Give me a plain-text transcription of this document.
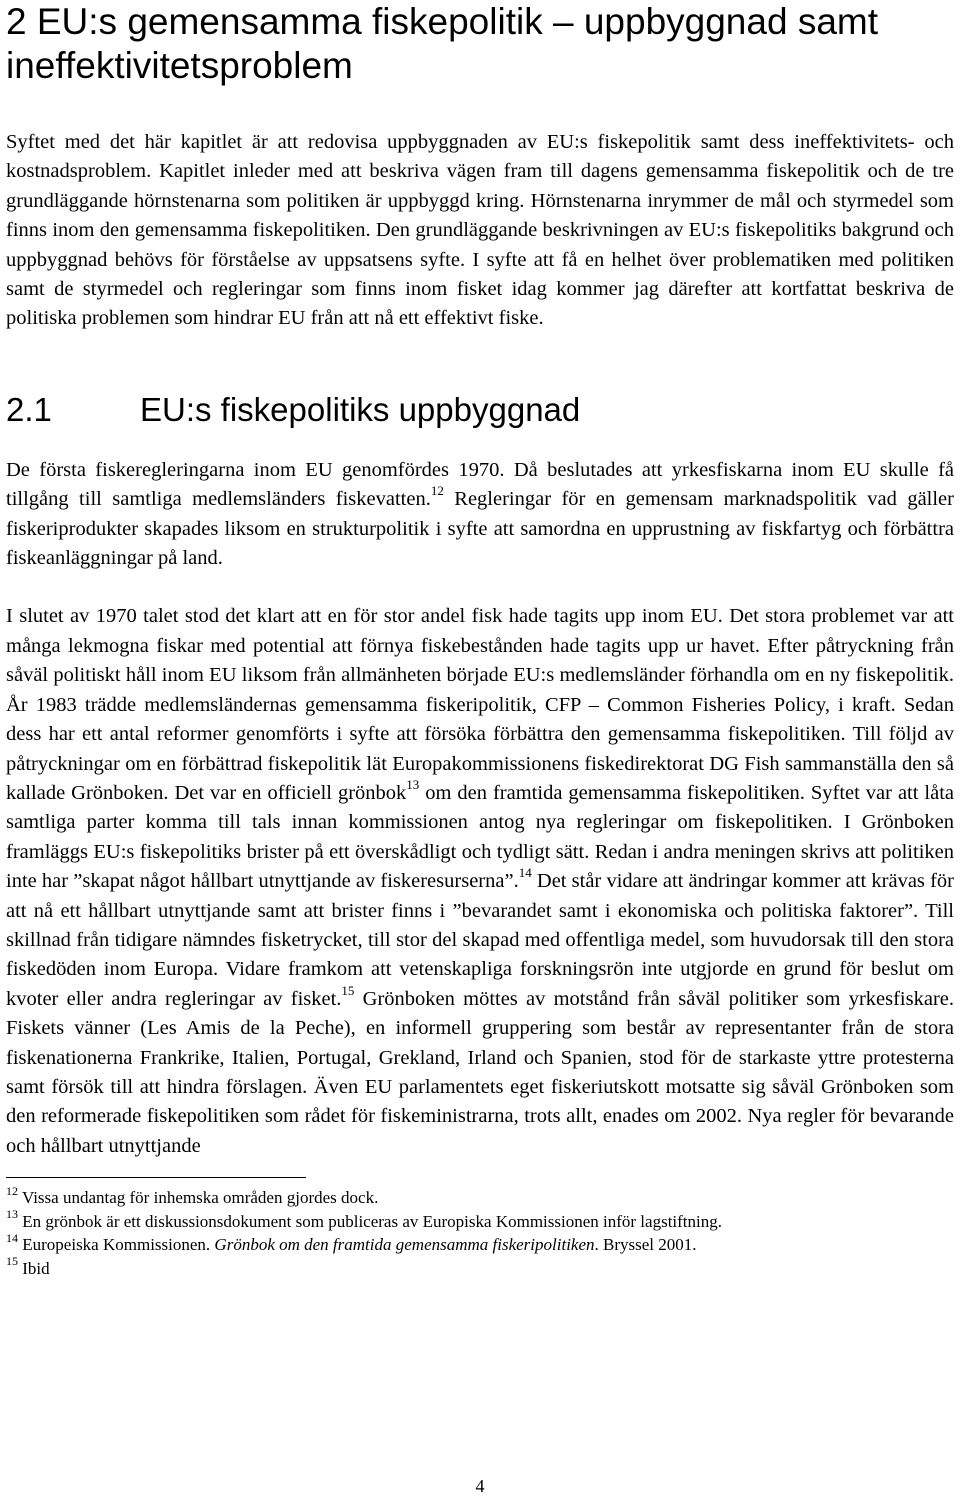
2 EU:s gemensamma fiskepolitik – uppbyggnad samt ineffektivitetsproblem

Syftet med det här kapitlet är att redovisa uppbyggnaden av EU:s fiskepolitik samt dess ineffektivitets- och kostnadsproblem. Kapitlet inleder med att beskriva vägen fram till dagens gemensamma fiskepolitik och de tre grundläggande hörnstenarna som politiken är uppbyggd kring. Hörnstenarna inrymmer de mål och styrmedel som finns inom den gemensamma fiskepolitiken. Den grundläggande beskrivningen av EU:s fiskepolitiks bakgrund och uppbyggnad behövs för förståelse av uppsatsens syfte. I syfte att få en helhet över problematiken med politiken samt de styrmedel och regleringar som finns inom fisket idag kommer jag därefter att kortfattat beskriva de politiska problemen som hindrar EU från att nå ett effektivt fiske.

2.1	EU:s fiskepolitiks uppbyggnad

De första fiskeregleringarna inom EU genomfördes 1970. Då beslutades att yrkesfiskarna inom EU skulle få tillgång till samtliga medlemsländers fiskevatten.$^{12}$ Regleringar för en gemensam marknadspolitik vad gäller fiskeriprodukter skapades liksom en strukturpolitik i syfte att samordna en upprustning av fiskfartyg och förbättra fiskeanläggningar på land.

I slutet av 1970 talet stod det klart att en för stor andel fisk hade tagits upp inom EU. Det stora problemet var att många lekmogna fiskar med potential att förnya fiskebestånden hade tagits upp ur havet. Efter påtryckning från såväl politiskt håll inom EU liksom från allmänheten började EU:s medlemsländer förhandla om en ny fiskepolitik. År 1983 trädde medlemsländernas gemensamma fiskeripolitik, CFP – Common Fisheries Policy, i kraft. Sedan dess har ett antal reformer genomförts i syfte att försöka förbättra den gemensamma fiskepolitiken. Till följd av påtryckningar om en förbättrad fiskepolitik lät Europakommissionens fiskedirektorat DG Fish sammanställa den så kallade Grönboken. Det var en officiell grönbok$^{13}$ om den framtida gemensamma fiskepolitiken. Syftet var att låta samtliga parter komma till tals innan kommissionen antog nya regleringar om fiskepolitiken. I Grönboken framläggs EU:s fiskepolitiks brister på ett överskådligt och tydligt sätt. Redan i andra meningen skrivs att politiken inte har ”skapat något hållbart utnyttjande av fiskeresurserna”.$^{14}$ Det står vidare att ändringar kommer att krävas för att nå ett hållbart utnyttjande samt att brister finns i ”bevarandet samt i ekonomiska och politiska faktorer”. Till skillnad från tidigare nämndes fisketrycket, till stor del skapad med offentliga medel, som huvudorsak till den stora fiskedöden inom Europa. Vidare framkom att vetenskapliga forskningsrön inte utgjorde en grund för beslut om kvoter eller andra regleringar av fisket.$^{15}$ Grönboken möttes av motstånd från såväl politiker som yrkesfiskare. Fiskets vänner (Les Amis de la Peche), en informell gruppering som består av representanter från de stora fiskenationerna Frankrike, Italien, Portugal, Grekland, Irland och Spanien, stod för de starkaste yttre protesterna samt försök till att hindra förslagen. Även EU parlamentets eget fiskeriutskott motsatte sig såväl Grönboken som den reformerade fiskepolitiken som rådet för fiskeministrarna, trots allt, enades om 2002. Nya regler för bevarande och hållbart utnyttjande

$^{12}$ Vissa undantag för inhemska områden gjordes dock.
$^{13}$ En grönbok är ett diskussionsdokument som publiceras av Europiska Kommissionen inför lagstiftning.
$^{14}$ Europeiska Kommissionen. Grönbok om den framtida gemensamma fiskeripolitiken. Bryssel 2001.
$^{15}$ Ibid
4
